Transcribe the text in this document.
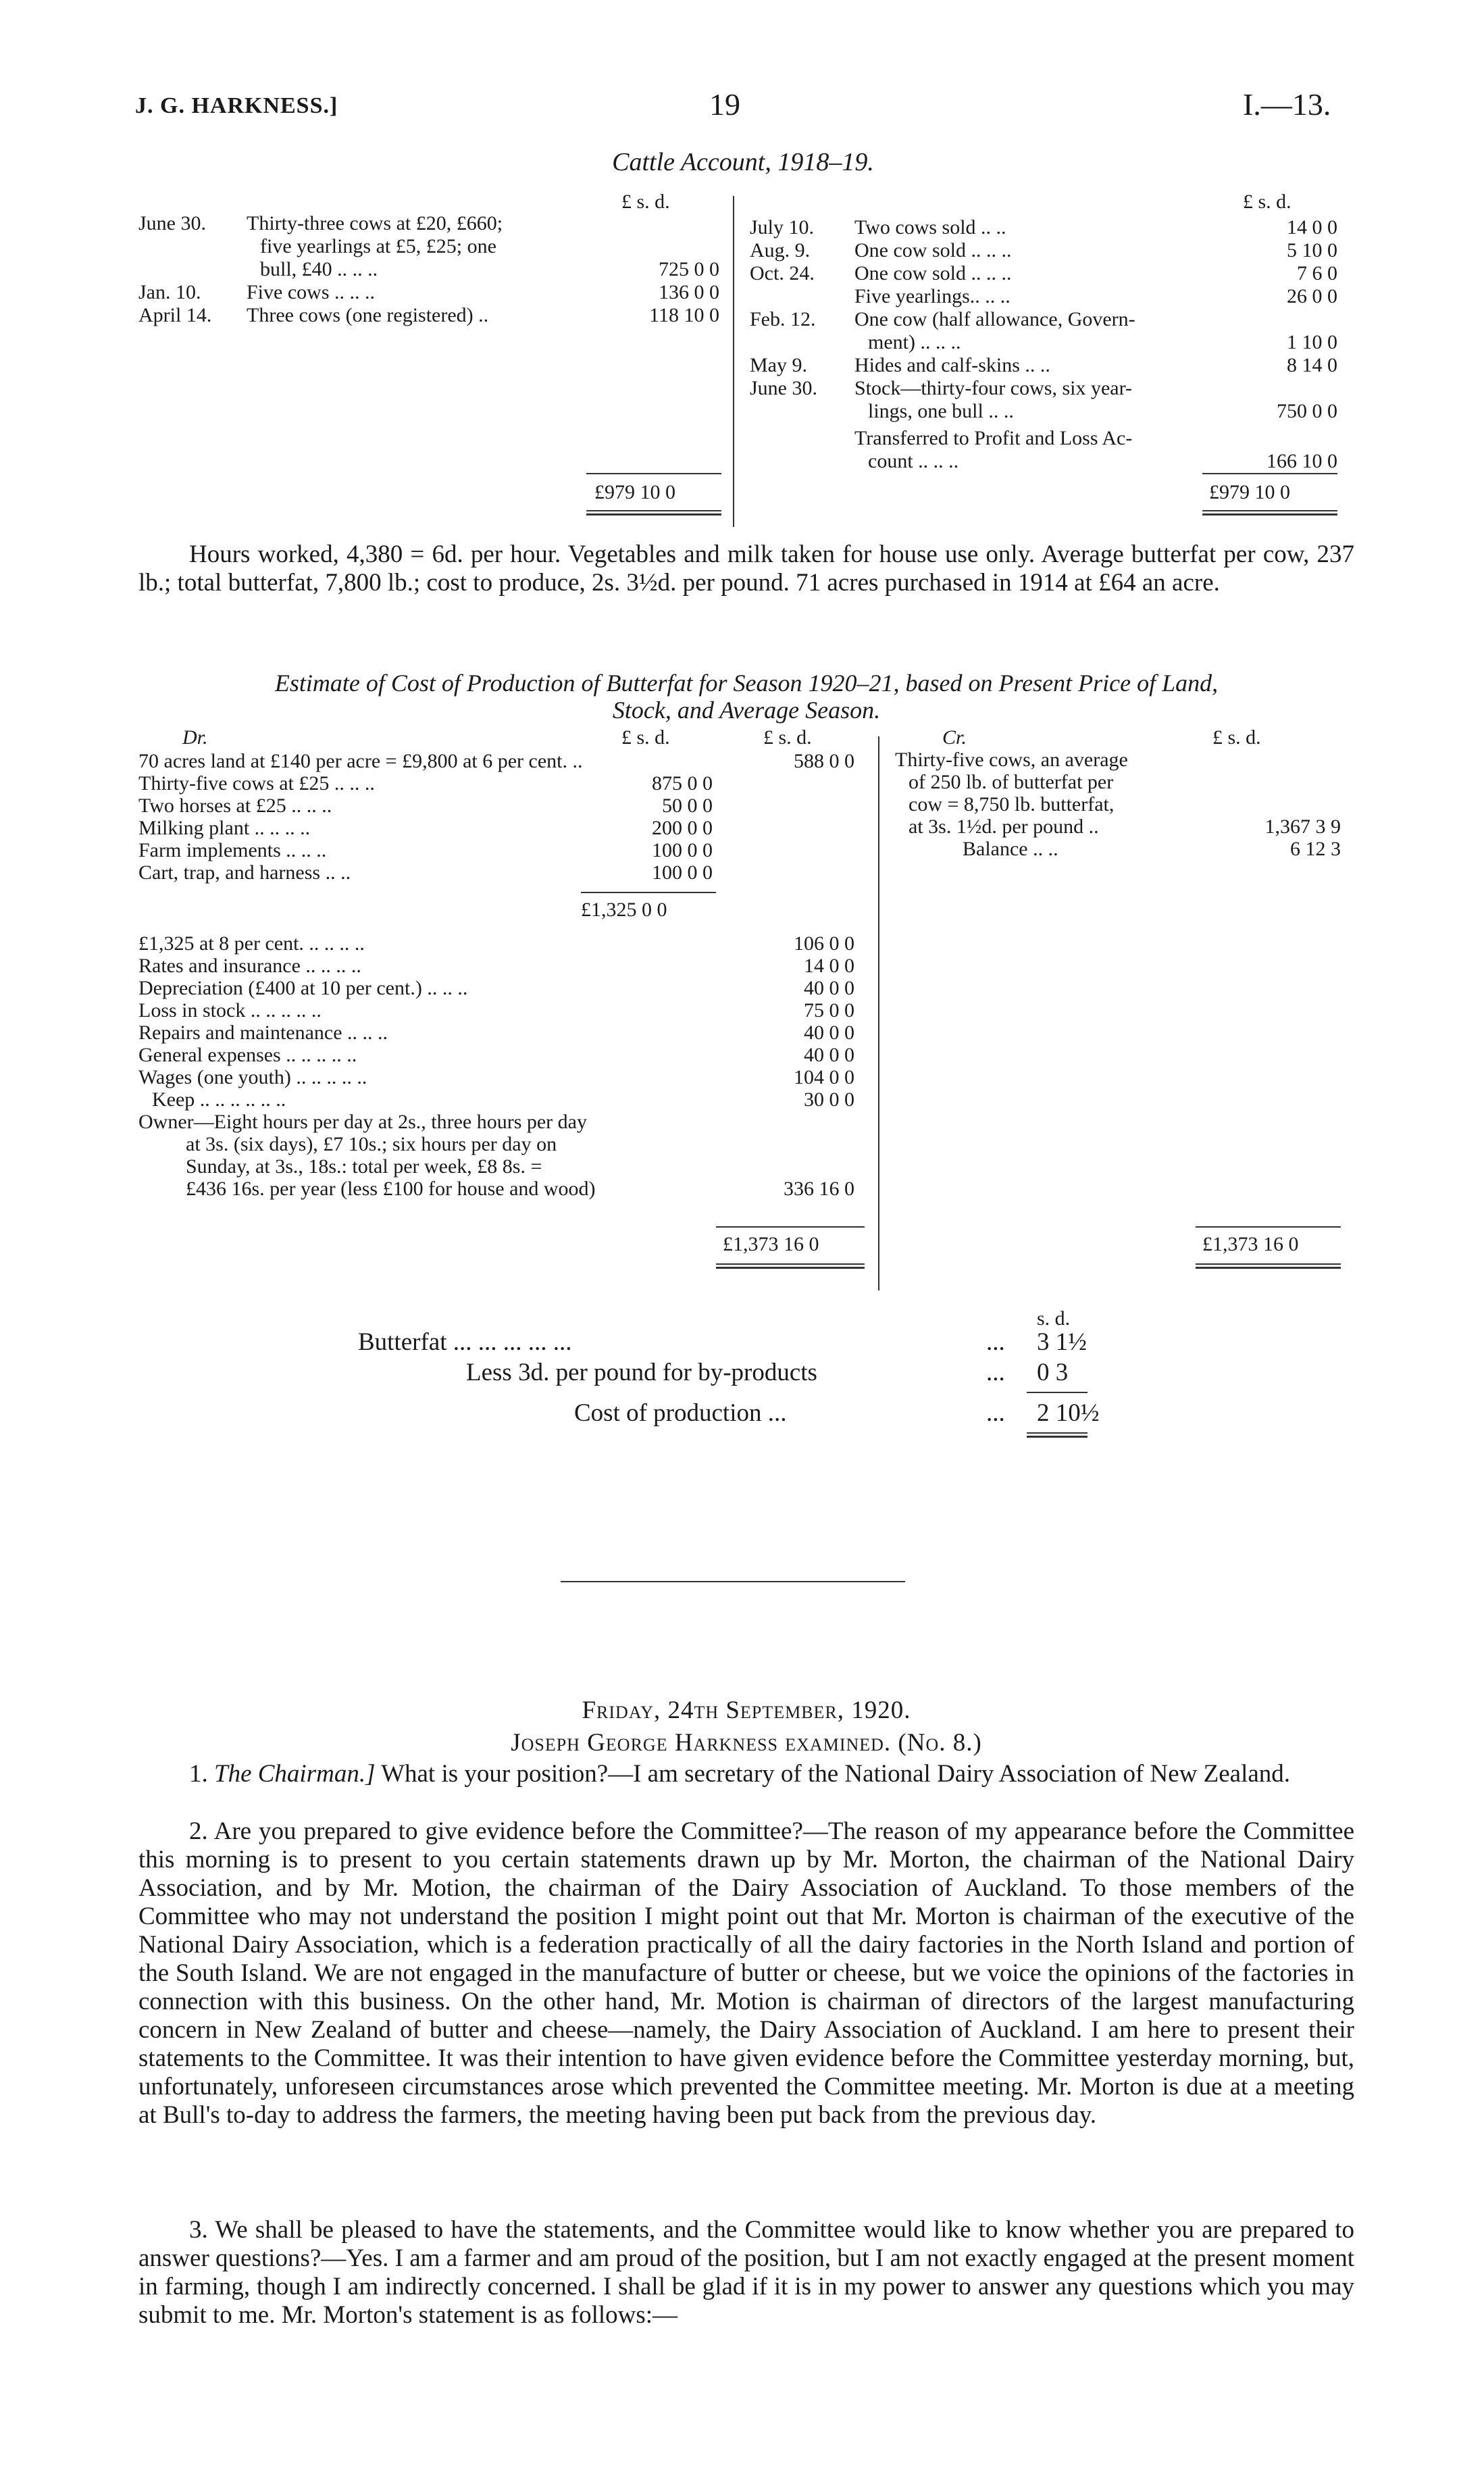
J. G. HARKNESS.]	19	I.—13.
Cattle Account, 1918–19.
£ s. d.	£ s. d.
June 30. Thirty-three cows at £20, £660;
five yearlings at £5, £25; one
bull, £40 .. .. ..	725 0 0
Jan. 10. Five cows .. .. ..	136 0 0
April 14. Three cows (one registered) ..	118 10 0
July 10. Two cows sold .. ..	14 0 0
Aug. 9. One cow sold .. .. ..	5 10 0
Oct. 24. One cow sold .. .. ..	7 6 0
Five yearlings.. .. ..	26 0 0
Feb. 12. One cow (half allowance, Govern-
ment) .. .. ..	1 10 0
May 9. Hides and calf-skins .. ..	8 14 0
June 30. Stock—thirty-four cows, six year-
lings, one bull .. ..	750 0 0
Transferred to Profit and Loss Ac-
count .. .. ..	166 10 0
£979 10 0	£979 10 0
Hours worked, 4,380 = 6d. per hour. Vegetables and milk taken for house use only. Average butterfat per cow, 237 lb.; total butterfat, 7,800 lb.; cost to produce, 2s. 3½d. per pound. 71 acres purchased in 1914 at £64 an acre.
Estimate of Cost of Production of Butterfat for Season 1920–21, based on Present Price of Land,
Stock, and Average Season.
Dr.	£ s. d.	£ s. d.	Cr.	£ s. d.
70 acres land at £140 per acre = £9,800 at 6 per cent. ..	588 0 0
Thirty-five cows at £25 .. .. ..	875 0 0
Two horses at £25 .. .. ..	50 0 0
Milking plant .. .. .. ..	200 0 0
Farm implements .. .. ..	100 0 0
Cart, trap, and harness .. ..	100 0 0
£1,325 0 0
£1,325 at 8 per cent. .. .. .. ..	106 0 0
Rates and insurance .. .. .. ..	14 0 0
Depreciation (£400 at 10 per cent.) .. .. ..	40 0 0
Loss in stock .. .. .. .. ..	75 0 0
Repairs and maintenance .. .. ..	40 0 0
General expenses .. .. .. .. ..	40 0 0
Wages (one youth) .. .. .. .. ..	104 0 0
Keep .. .. .. .. .. ..	30 0 0
Owner—Eight hours per day at 2s., three hours per day
at 3s. (six days), £7 10s.; six hours per day on
Sunday, at 3s., 18s.: total per week, £8 8s. =
£436 16s. per year (less £100 for house and wood)	336 16 0
Thirty-five cows, an average
of 250 lb. of butterfat per
cow = 8,750 lb. butterfat,
at 3s. 1½d. per pound ..	1,367 3 9
Balance .. ..	6 12 3
£1,373 16 0	£1,373 16 0
s. d.
Butterfat ... ... ... ... ...	... 3 1½
Less 3d. per pound for by-products	... 0 3
Cost of production ...	... 2 10½
Friday, 24th September, 1920.
Joseph George Harkness examined. (No. 8.)
1. The Chairman.] What is your position?—I am secretary of the National Dairy Association of New Zealand.
2. Are you prepared to give evidence before the Committee?—The reason of my appearance before the Committee this morning is to present to you certain statements drawn up by Mr. Morton, the chairman of the National Dairy Association, and by Mr. Motion, the chairman of the Dairy Association of Auckland. To those members of the Committee who may not understand the position I might point out that Mr. Morton is chairman of the executive of the National Dairy Association, which is a federation practically of all the dairy factories in the North Island and portion of the South Island. We are not engaged in the manufacture of butter or cheese, but we voice the opinions of the factories in connection with this business. On the other hand, Mr. Motion is chairman of directors of the largest manufacturing concern in New Zealand of butter and cheese—namely, the Dairy Association of Auckland. I am here to present their statements to the Committee. It was their intention to have given evidence before the Committee yesterday morning, but, unfortunately, unforeseen circumstances arose which prevented the Committee meeting. Mr. Morton is due at a meeting at Bull's to-day to address the farmers, the meeting having been put back from the previous day.
3. We shall be pleased to have the statements, and the Committee would like to know whether you are prepared to answer questions?—Yes. I am a farmer and am proud of the position, but I am not exactly engaged at the present moment in farming, though I am indirectly concerned. I shall be glad if it is in my power to answer any questions which you may submit to me. Mr. Morton's statement is as follows:—
